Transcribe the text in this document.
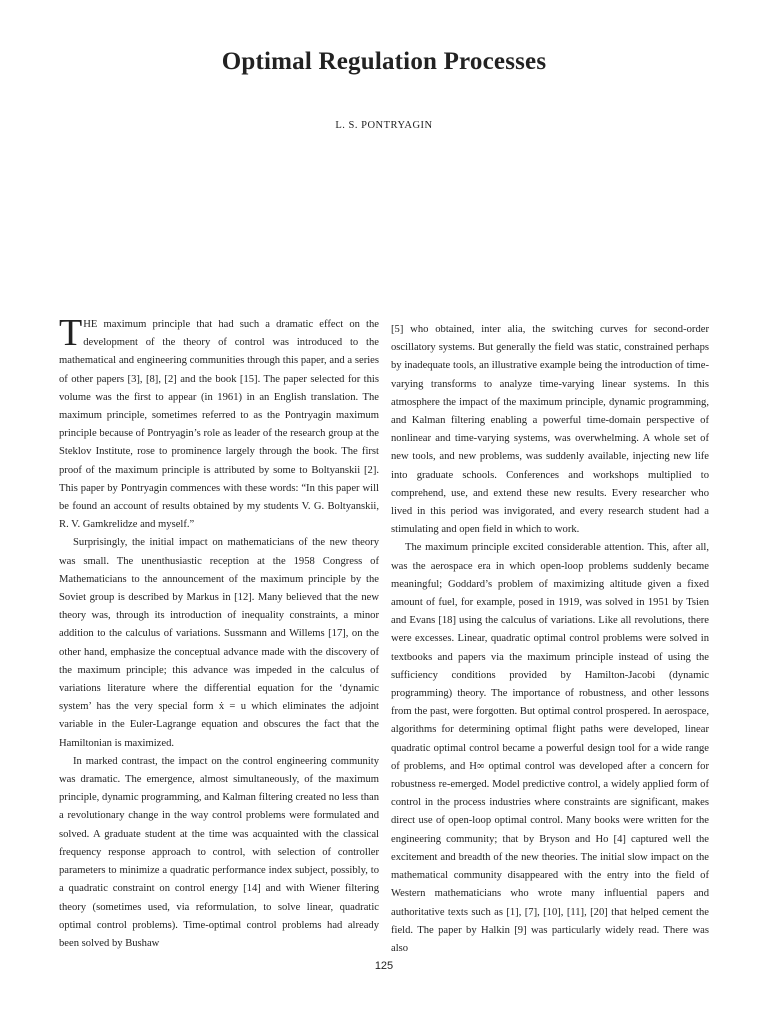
Optimal Regulation Processes
L. S. PONTRYAGIN

THE maximum principle that had such a dramatic effect on the development of the theory of control was introduced to the mathematical and engineering communities through this paper, and a series of other papers [3], [8], [2] and the book [15]. The paper selected for this volume was the first to appear (in 1961) in an English translation. The maximum principle, sometimes referred to as the Pontryagin maximum principle because of Pontryagin’s role as leader of the research group at the Steklov Institute, rose to prominence largely through the book. The first proof of the maximum principle is attributed by some to Boltyanskii [2]. This paper by Pontryagin commences with these words: “In this paper will be found an account of results obtained by my students V. G. Boltyanskii, R. V. Gamkrelidze and myself.”

Surprisingly, the initial impact on mathematicians of the new theory was small. The unenthusiastic reception at the 1958 Congress of Mathematicians to the announcement of the maximum principle by the Soviet group is described by Markus in [12]. Many believed that the new theory was, through its introduction of inequality constraints, a minor addition to the calculus of variations. Sussmann and Willems [17], on the other hand, emphasize the conceptual advance made with the discovery of the maximum principle; this advance was impeded in the calculus of variations literature where the differential equation for the ‘dynamic system’ has the very special form ẋ = u which eliminates the adjoint variable in the Euler-Lagrange equation and obscures the fact that the Hamiltonian is maximized.

In marked contrast, the impact on the control engineering community was dramatic. The emergence, almost simultaneously, of the maximum principle, dynamic programming, and Kalman filtering created no less than a revolutionary change in the way control problems were formulated and solved. A graduate student at the time was acquainted with the classical frequency response approach to control, with selection of controller parameters to minimize a quadratic performance index subject, possibly, to a quadratic constraint on control energy [14] and with Wiener filtering theory (sometimes used, via reformulation, to solve linear, quadratic optimal control problems). Time-optimal control problems had already been solved by Bushaw

[5] who obtained, inter alia, the switching curves for second-order oscillatory systems. But generally the field was static, constrained perhaps by inadequate tools, an illustrative example being the introduction of time-varying transforms to analyze time-varying linear systems. In this atmosphere the impact of the maximum principle, dynamic programming, and Kalman filtering enabling a powerful time-domain perspective of nonlinear and time-varying systems, was overwhelming. A whole set of new tools, and new problems, was suddenly available, injecting new life into graduate schools. Conferences and workshops multiplied to comprehend, use, and extend these new results. Every researcher who lived in this period was invigorated, and every research student had a stimulating and open field in which to work.

The maximum principle excited considerable attention. This, after all, was the aerospace era in which open-loop problems suddenly became meaningful; Goddard’s problem of maximizing altitude given a fixed amount of fuel, for example, posed in 1919, was solved in 1951 by Tsien and Evans [18] using the calculus of variations. Like all revolutions, there were excesses. Linear, quadratic optimal control problems were solved in textbooks and papers via the maximum principle instead of using the sufficiency conditions provided by Hamilton-Jacobi (dynamic programming) theory. The importance of robustness, and other lessons from the past, were forgotten. But optimal control prospered. In aerospace, algorithms for determining optimal flight paths were developed, linear quadratic optimal control became a powerful design tool for a wide range of problems, and H∞ optimal control was developed after a concern for robustness re-emerged. Model predictive control, a widely applied form of control in the process industries where constraints are significant, makes direct use of open-loop optimal control. Many books were written for the engineering community; that by Bryson and Ho [4] captured well the excitement and breadth of the new theories. The initial slow impact on the mathematical community disappeared with the entry into the field of Western mathematicians who wrote many influential papers and authoritative texts such as [1], [7], [10], [11], [20] that helped cement the field. The paper by Halkin [9] was particularly widely read. There was also

125
